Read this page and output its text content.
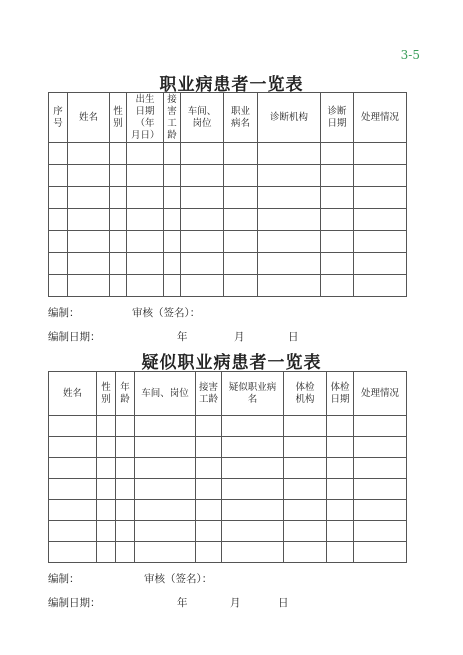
3-5
职业病患者一览表
序号	姓名	性别	出生日期（年月日）	接害工龄	车间、岗位	职业病名	诊断机构	诊断日期	处理情况

编制：	审核（签名）：
编制日期：	年	月	日
疑似职业病患者一览表
姓名	性别	年龄	车间、岗位	接害工龄	疑似职业病名	体检机构	体检日期	处理情况

编制：	审核（签名）：
编制日期：	年	月	日
